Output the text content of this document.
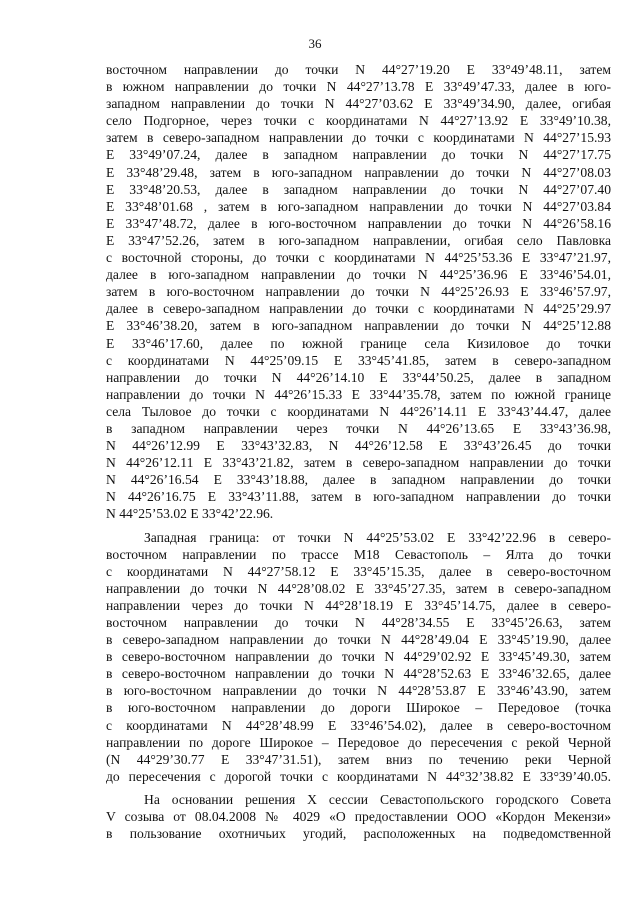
36

восточном направлении до точки N 44°27’19.20 E 33°49’48.11, затем
в южном направлении до точки N 44°27’13.78 E 33°49’47.33, далее в юго-
западном направлении до точки N 44°27’03.62 E 33°49’34.90, далее, огибая
село Подгорное, через точки с координатами N 44°27’13.92 E 33°49’10.38,
затем в северо-западном направлении до точки с координатами N 44°27’15.93
E 33°49’07.24, далее в западном направлении до точки N 44°27’17.75
E 33°48’29.48, затем в юго-западном направлении до точки N 44°27’08.03
E 33°48’20.53, далее в западном направлении до точки N 44°27’07.40
E 33°48’01.68 , затем в юго-западном направлении до точки N 44°27’03.84
E 33°47’48.72, далее в юго-восточном направлении до точки N 44°26’58.16
E 33°47’52.26, затем в юго-западном направлении, огибая село Павловка
с восточной стороны, до точки с координатами N 44°25’53.36 E 33°47’21.97,
далее в юго-западном направлении до точки N 44°25’36.96 E 33°46’54.01,
затем в юго-восточном направлении до точки N 44°25’26.93 E 33°46’57.97,
далее в северо-западном направлении до точки с координатами N 44°25’29.97
E 33°46’38.20, затем в юго-западном направлении до точки N 44°25’12.88
E 33°46’17.60, далее по южной границе села Кизиловое до точки
с координатами N 44°25’09.15 E 33°45’41.85, затем в северо-западном
направлении до точки N 44°26’14.10 E 33°44’50.25, далее в западном
направлении до точки N 44°26’15.33 E 33°44’35.78, затем по южной границе
села Тыловое до точки с координатами N 44°26’14.11 E 33°43’44.47, далее
в западном направлении через точки N 44°26’13.65 E 33°43’36.98,
N 44°26’12.99 E 33°43’32.83, N 44°26’12.58 E 33°43’26.45 до точки
N 44°26’12.11 E 33°43’21.82, затем в северо-западном направлении до точки
N 44°26’16.54 E 33°43’18.88, далее в западном направлении до точки
N 44°26’16.75 E 33°43’11.88, затем в юго-западном направлении до точки
N 44°25’53.02 E 33°42’22.96.

Западная граница: от точки N 44°25’53.02 E 33°42’22.96 в северо-
восточном направлении по трассе М18 Севастополь – Ялта до точки
с координатами N 44°27’58.12 E 33°45’15.35, далее в северо-восточном
направлении до точки N 44°28’08.02 E 33°45’27.35, затем в северо-западном
направлении через до точки N 44°28’18.19 E 33°45’14.75, далее в северо-
восточном направлении до точки N 44°28’34.55 E 33°45’26.63, затем
в северо-западном направлении до точки N 44°28’49.04 E 33°45’19.90, далее
в северо-восточном направлении до точки N 44°29’02.92 E 33°45’49.30, затем
в северо-восточном направлении до точки N 44°28’52.63 E 33°46’32.65, далее
в юго-восточном направлении до точки N 44°28’53.87 E 33°46’43.90, затем
в юго-восточном направлении до дороги Широкое – Передовое (точка
с координатами N 44°28’48.99 E 33°46’54.02), далее в северо-восточном
направлении по дороге Широкое – Передовое до пересечения с рекой Черной
(N 44°29’30.77 E 33°47’31.51), затем вниз по течению реки Черной
до пересечения с дорогой точки с координатами N 44°32’38.82 E 33°39’40.05.

На основании решения Х сессии Севастопольского городского Совета
V созыва от 08.04.2008 № 4029 «О предоставлении ООО «Кордон Мекензи»
в пользование охотничьих угодий, расположенных на подведомственной
